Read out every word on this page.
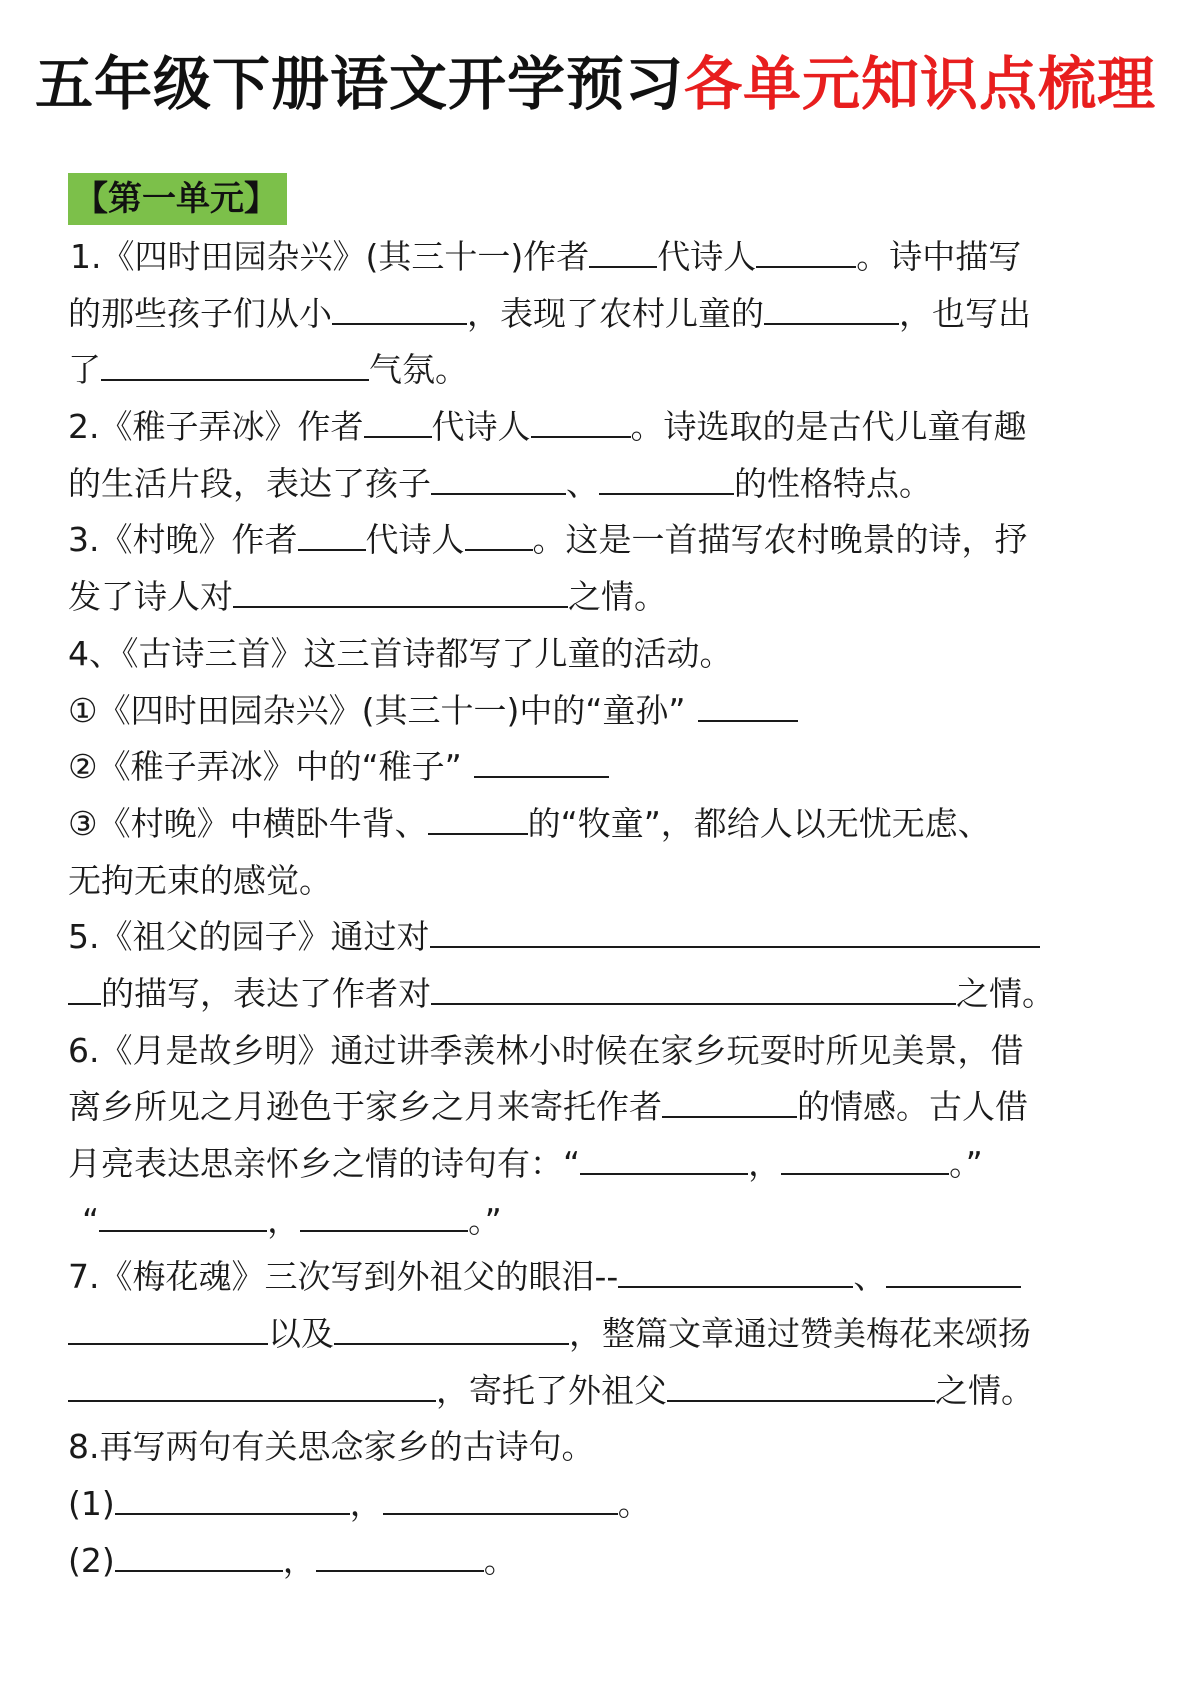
五年级下册语文开学预习各单元知识点梳理
【第一单元】
1.《四时田园杂兴》(其三十一)作者 代诗人	。诗中描写
的那些孩子们从小	，表现了农村儿童的	，也写出
了	气氛。
2.《稚子弄冰》作者 代诗人	。诗选取的是古代儿童有趣
的生活片段，表达了孩子	、	的性格特点。
3.《村晚》作者 代诗人 。这是一首描写农村晚景的诗，抒
发了诗人对	之情。
4、《古诗三首》这三首诗都写了儿童的活动。
①《四时田园杂兴》(其三十一)中的“童孙”
②《稚子弄冰》中的“稚子”
③《村晚》中横卧牛背、	的“牧童”，都给人以无忧无虑、
无拘无束的感觉。
5.《祖父的园子》通过对
的描写，表达了作者对	之情。
6.《月是故乡明》通过讲季羡林小时候在家乡玩耍时所见美景，借
离乡所见之月逊色于家乡之月来寄托作者	的情感。古人借
月亮表达思亲怀乡之情的诗句有：“	，	。”
“	，	。”
7.《梅花魂》三次写到外祖父的眼泪--	、
以及	，整篇文章通过赞美梅花来颂扬
，寄托了外祖父	之情。
8.再写两句有关思念家乡的古诗句。
(1)	，	。
(2)	，	。
